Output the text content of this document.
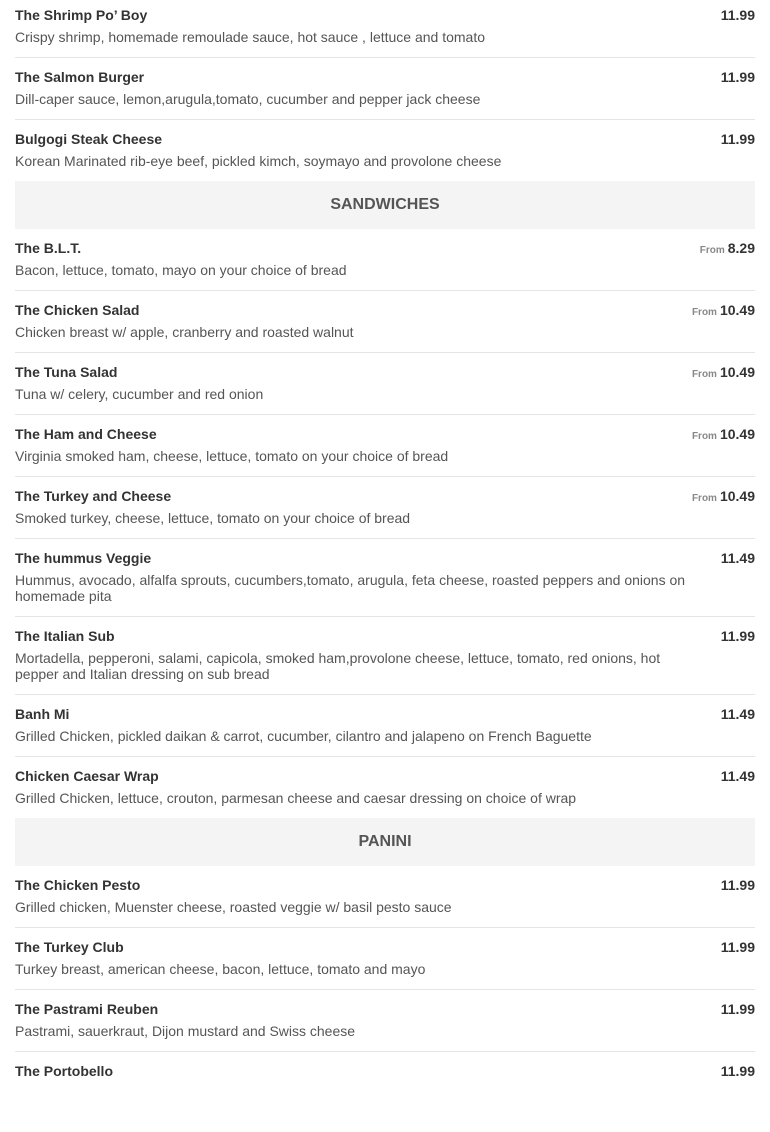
The Shrimp Po’ Boy	11.99
Crispy shrimp, homemade remoulade sauce, hot sauce , lettuce and tomato
The Salmon Burger	11.99
Dill-caper sauce, lemon,arugula,tomato, cucumber and pepper jack cheese
Bulgogi Steak Cheese	11.99
Korean Marinated rib-eye beef, pickled kimch, soymayo and provolone cheese
SANDWICHES
The B.L.T.	From 8.29
Bacon, lettuce, tomato, mayo on your choice of bread
The Chicken Salad	From 10.49
Chicken breast w/ apple, cranberry and roasted walnut
The Tuna Salad	From 10.49
Tuna w/ celery, cucumber and red onion
The Ham and Cheese	From 10.49
Virginia smoked ham, cheese, lettuce, tomato on your choice of bread
The Turkey and Cheese	From 10.49
Smoked turkey, cheese, lettuce, tomato on your choice of bread
The hummus Veggie	11.49
Hummus, avocado, alfalfa sprouts, cucumbers,tomato, arugula, feta cheese, roasted peppers and onions on homemade pita
The Italian Sub	11.99
Mortadella, pepperoni, salami, capicola, smoked ham,provolone cheese, lettuce, tomato, red onions, hot pepper and Italian dressing on sub bread
Banh Mi	11.49
Grilled Chicken, pickled daikan & carrot, cucumber, cilantro and jalapeno on French Baguette
Chicken Caesar Wrap	11.49
Grilled Chicken, lettuce, crouton, parmesan cheese and caesar dressing on choice of wrap
PANINI
The Chicken Pesto	11.99
Grilled chicken, Muenster cheese, roasted veggie w/ basil pesto sauce
The Turkey Club	11.99
Turkey breast, american cheese, bacon, lettuce, tomato and mayo
The Pastrami Reuben	11.99
Pastrami, sauerkraut, Dijon mustard and Swiss cheese
The Portobello	11.99
